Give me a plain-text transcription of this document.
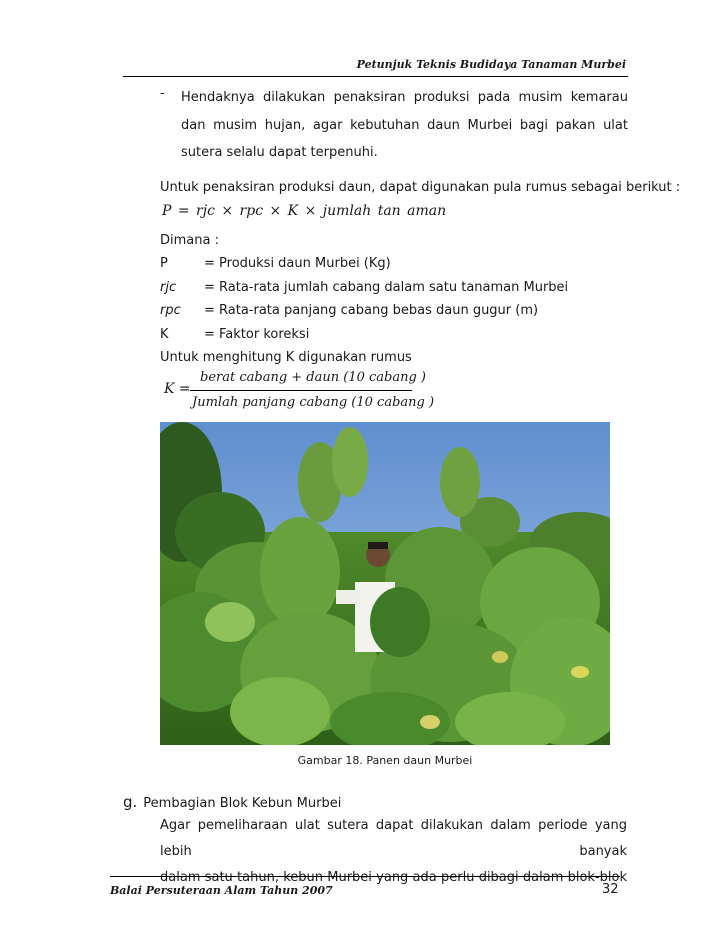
Petunjuk Teknis Budidaya Tanaman Murbei
- Hendaknya dilakukan penaksiran produksi pada musim kemarau dan musim hujan, agar kebutuhan daun Murbei bagi pakan ulat sutera selalu dapat terpenuhi.
Untuk penaksiran produksi daun, dapat digunakan pula rumus sebagai berikut :
P = rjc × rpc × K × jumlah tan aman
Dimana :
P	= Produksi daun Murbei (Kg)
rjc = Rata-rata jumlah cabang dalam satu tanaman Murbei
rpc = Rata-rata panjang cabang bebas daun gugur (m)
K	= Faktor koreksi
Untuk menghitung K digunakan rumus
K =
berat cabang + daun (10 cabang )
Jumlah panjang cabang (10 cabang )
Gambar 18. Panen daun Murbei
g. Pembagian Blok Kebun Murbei
Agar pemeliharaan ulat sutera dapat dilakukan dalam periode yang lebih banyak
dalam satu tahun, kebun Murbei yang ada perlu dibagi dalam blok-blok
Balai Persuteraan Alam Tahun 2007	32
